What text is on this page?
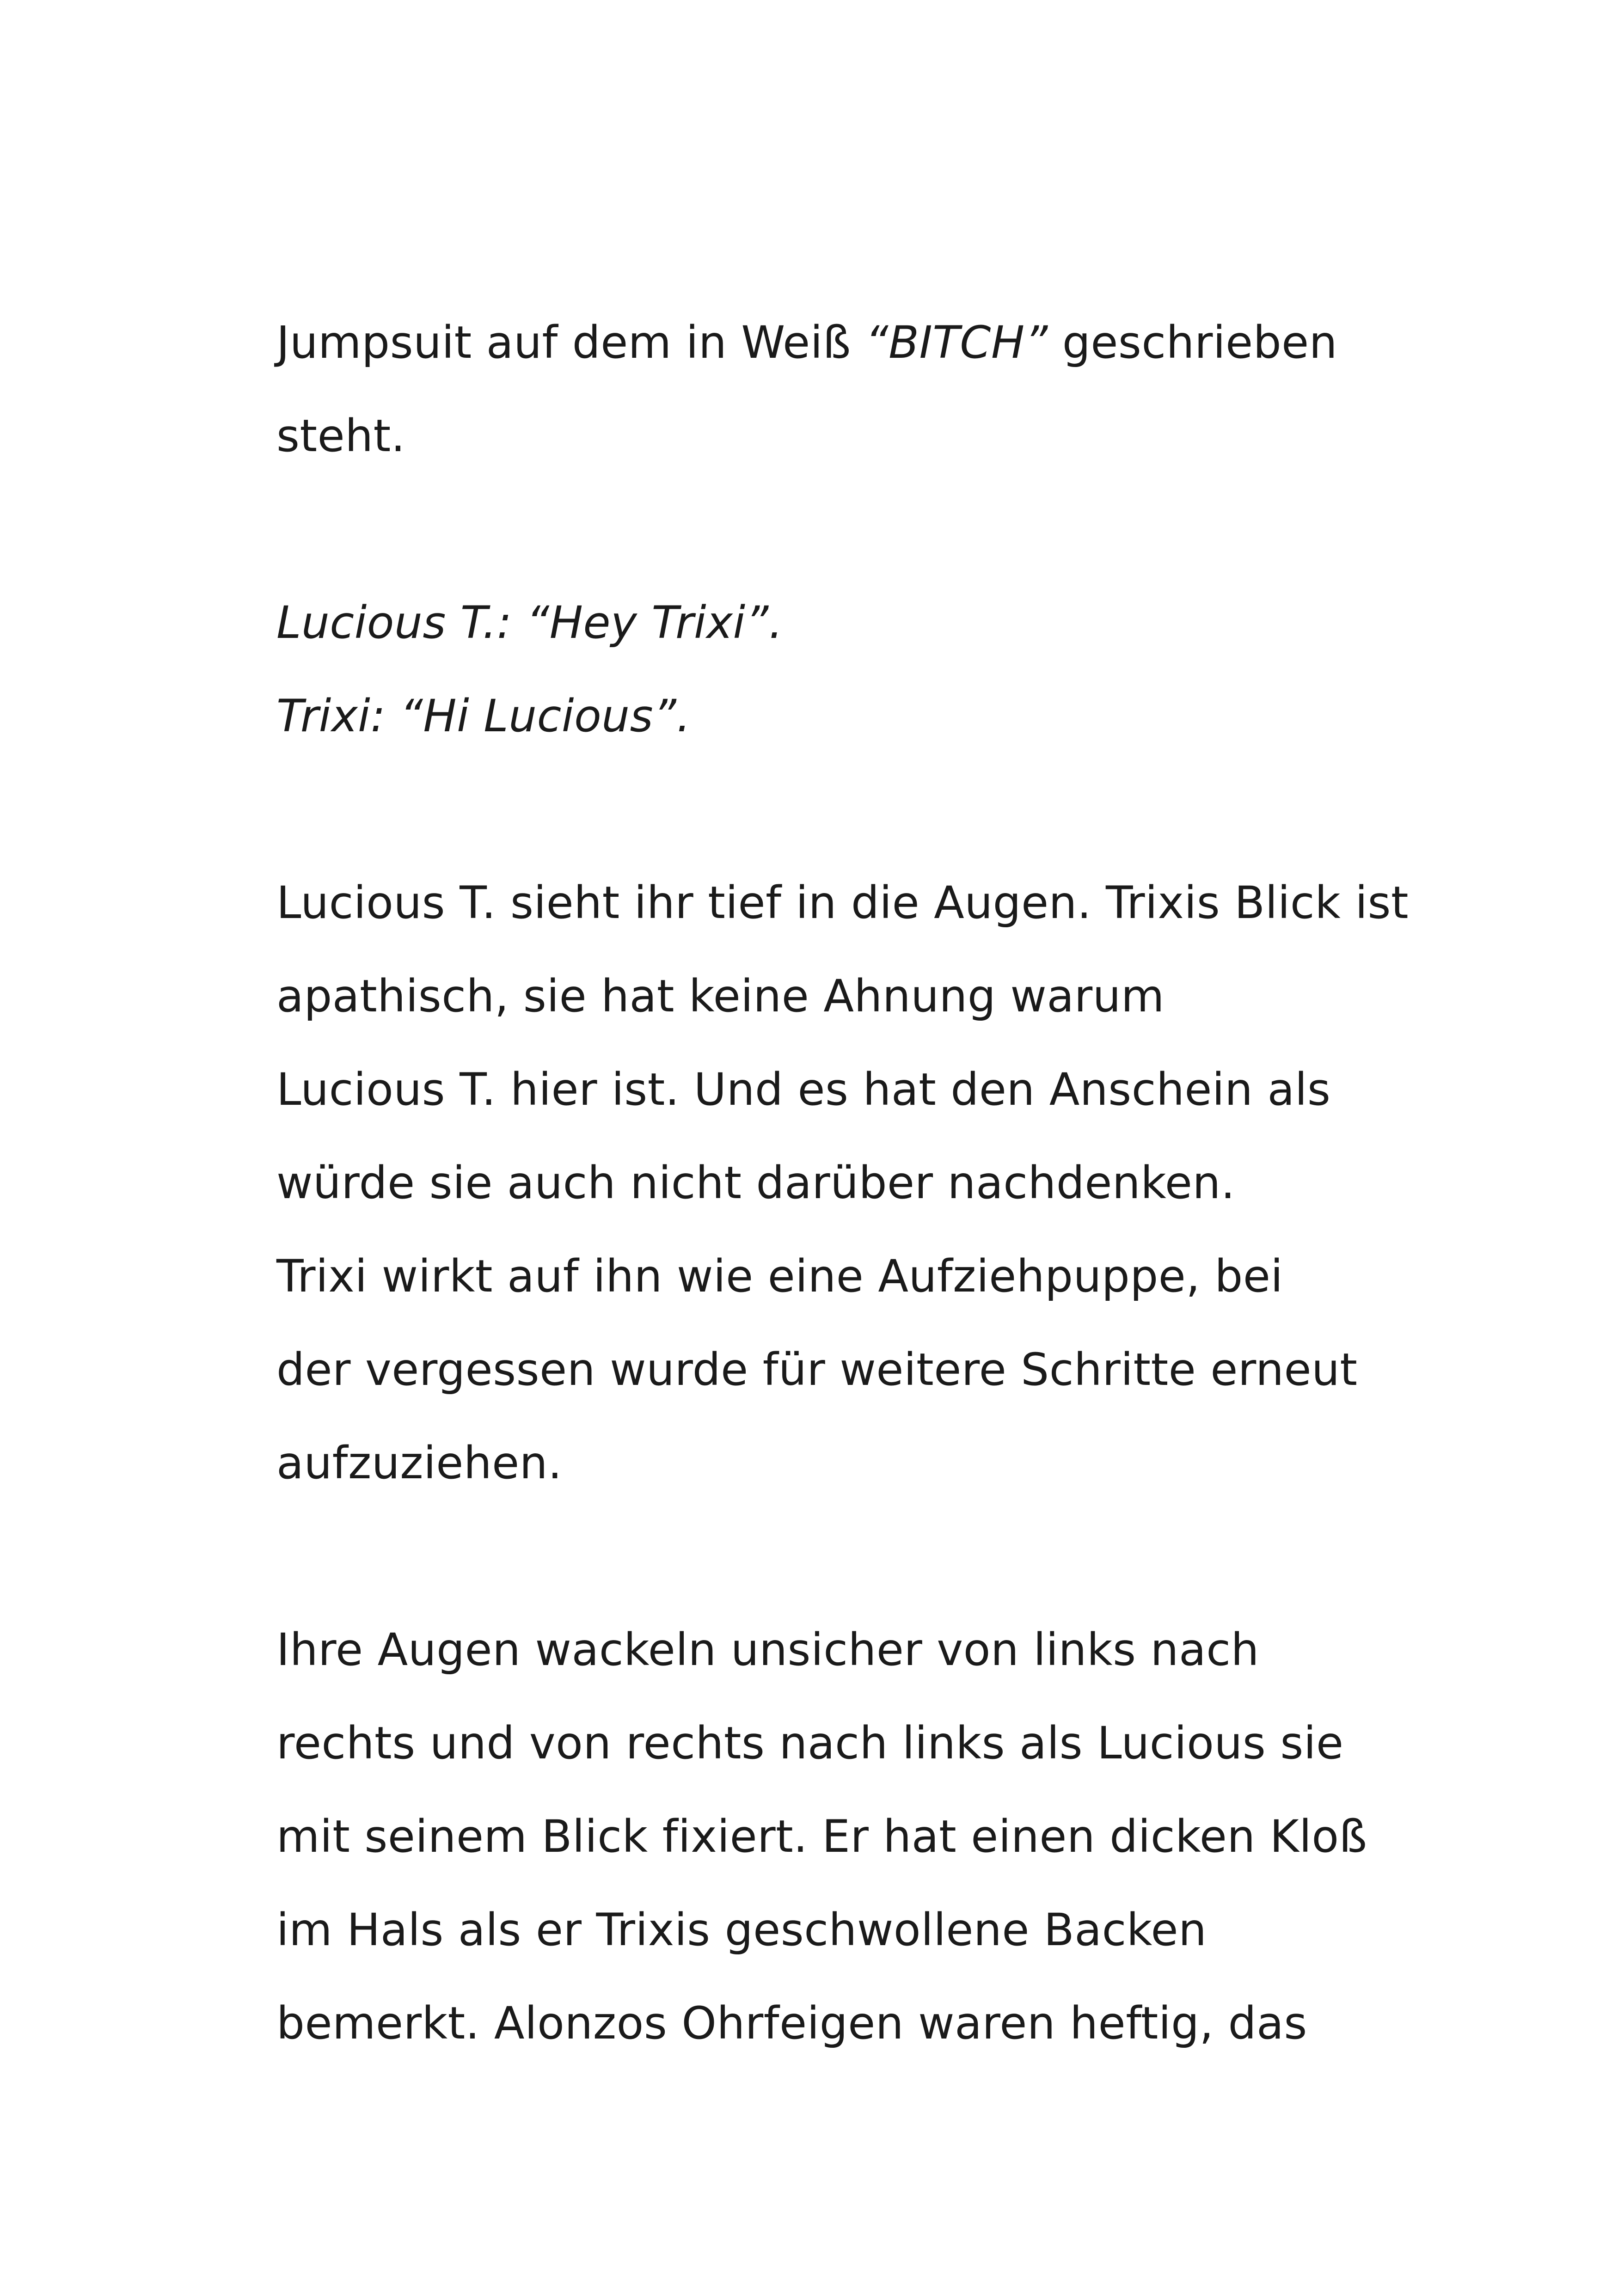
Jumpsuit auf dem in Weiß “BITCH” geschrieben
steht.

Lucious T.: “Hey Trixi”.
Trixi: “Hi Lucious”.

Lucious T. sieht ihr tief in die Augen. Trixis Blick ist
apathisch, sie hat keine Ahnung warum
Lucious T. hier ist. Und es hat den Anschein als
würde sie auch nicht darüber nachdenken.
Trixi wirkt auf ihn wie eine Aufziehpuppe, bei
der vergessen wurde für weitere Schritte erneut
aufzuziehen.

Ihre Augen wackeln unsicher von links nach
rechts und von rechts nach links als Lucious sie
mit seinem Blick fixiert. Er hat einen dicken Kloß
im Hals als er Trixis geschwollene Backen
bemerkt. Alonzos Ohrfeigen waren heftig, das
